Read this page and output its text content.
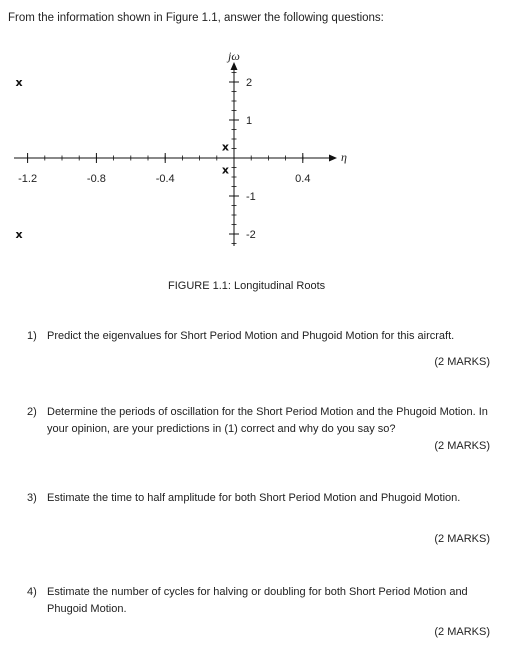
From the information shown in Figure 1.1, answer the following questions:
η
jω
-1.2	-0.8	-0.4	0.4
2
1
-1
-2
x
x
x
x
FIGURE 1.1: Longitudinal Roots
1) Predict the eigenvalues for Short Period Motion and Phugoid Motion for this aircraft.
(2 MARKS)
2) Determine the periods of oscillation for the Short Period Motion and the Phugoid Motion. In your opinion, are your predictions in (1) correct and why do you say so?
(2 MARKS)
3) Estimate the time to half amplitude for both Short Period Motion and Phugoid Motion.
(2 MARKS)
4) Estimate the number of cycles for halving or doubling for both Short Period Motion and Phugoid Motion.
(2 MARKS)
